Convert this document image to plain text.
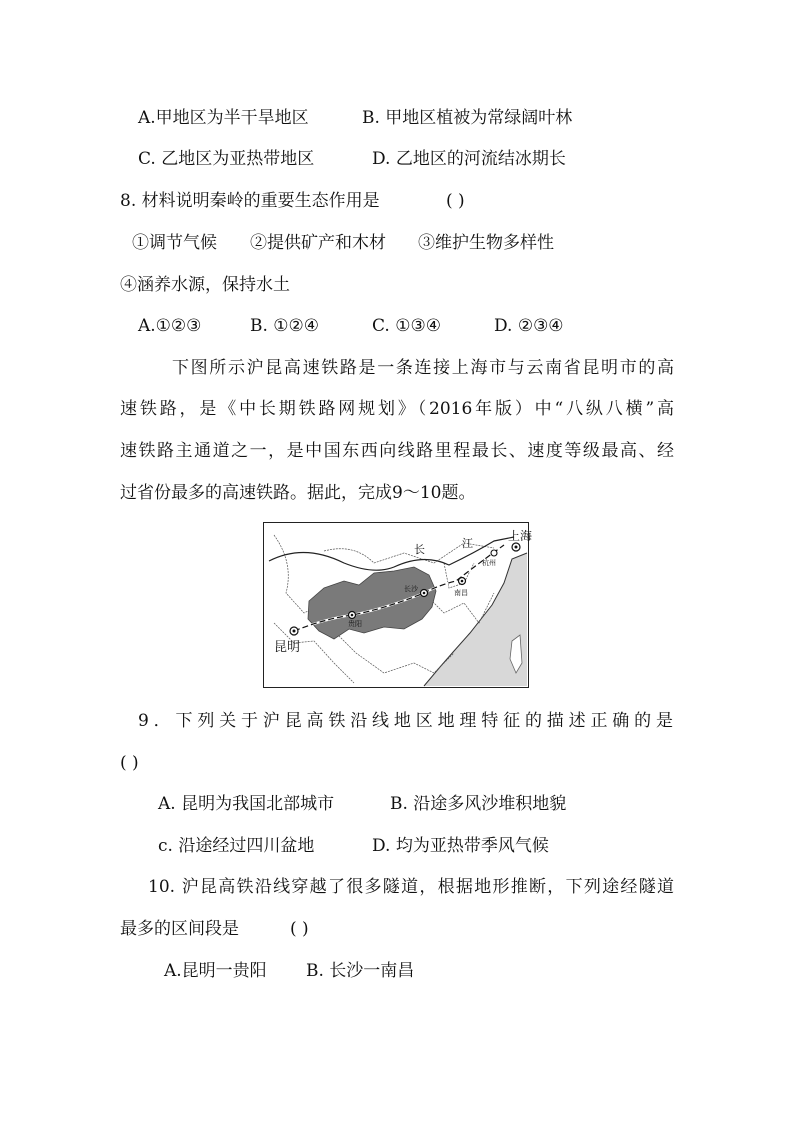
A.甲地区为半干旱地区	B. 甲地区植被为常绿阔叶林
C. 乙地区为亚热带地区	D. 乙地区的河流结冰期长
8. 材料说明秦岭的重要生态作用是	( )
①调节气候 ②提供矿产和木材 ③维护生物多样性
④涵养水源，保持水土
A.①②③	B. ①②④	C. ①③④	D. ②③④
下图所示沪昆高速铁路是一条连接上海市与云南省昆明市的高
速铁路，是《中长期铁路网规划》（2016年版）中“八纵八横”高
速铁路主通道之一，是中国东西向线路里程最长、速度等级最高、经
过省份最多的高速铁路。据此，完成9～10题。
昆明
贵阳
长沙	南昌
杭州
上海
长	江
9．下列关于沪昆高铁沿线地区地理特征的描述正确的是
( )
A. 昆明为我国北部城市	B. 沿途多风沙堆积地貌
c. 沿途经过四川盆地	D. 均为亚热带季风气候
10. 沪昆高铁沿线穿越了很多隧道，根据地形推断，下列途经隧道
最多的区间段是	( )
A.昆明一贵阳 B. 长沙一南昌
